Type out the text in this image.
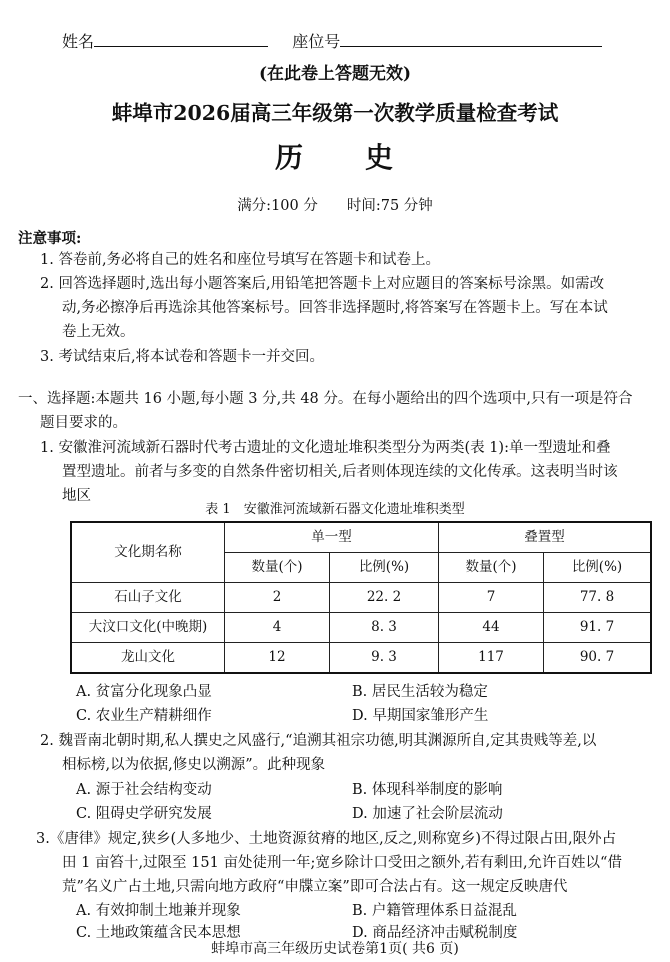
姓名	座位号
(在此卷上答题无效)
蚌埠市2026届高三年级第一次教学质量检查考试
历　　史
满分:100 分　　时间:75 分钟
注意事项:
1. 答卷前,务必将自己的姓名和座位号填写在答题卡和试卷上。
2. 回答选择题时,选出每小题答案后,用铅笔把答题卡上对应题目的答案标号涂黑。如需改
动,务必擦净后再选涂其他答案标号。回答非选择题时,将答案写在答题卡上。写在本试
卷上无效。
3. 考试结束后,将本试卷和答题卡一并交回。
一、选择题:本题共 16 小题,每小题 3 分,共 48 分。在每小题给出的四个选项中,只有一项是符合
题目要求的。
1. 安徽淮河流域新石器时代考古遗址的文化遗址堆积类型分为两类(表 1):单一型遗址和叠
置型遗址。前者与多变的自然条件密切相关,后者则体现连续的文化传承。这表明当时该
地区
表 1　安徽淮河流域新石器文化遗址堆积类型
文化期名称	单一型		叠置型	
	数量(个)	比例(%)	数量(个)	比例(%)
石山子文化	2	22. 2	7	77. 8
大汶口文化(中晚期)	4	8. 3	44	91. 7
龙山文化	12	9. 3	117	90. 7
A. 贫富分化现象凸显	B. 居民生活较为稳定
C. 农业生产精耕细作	D. 早期国家雏形产生
2. 魏晋南北朝时期,私人撰史之风盛行,“追溯其祖宗功德,明其渊源所自,定其贵贱等差,以
相标榜,以为依据,修史以溯源”。此种现象
A. 源于社会结构变动	B. 体现科举制度的影响
C. 阻碍史学研究发展	D. 加速了社会阶层流动
3.《唐律》规定,狭乡(人多地少、土地资源贫瘠的地区,反之,则称宽乡)不得过限占田,限外占
田 1 亩笞十,过限至 151 亩处徒刑一年;宽乡除计口受田之额外,若有剩田,允许百姓以“借
荒”名义广占土地,只需向地方政府“申牒立案”即可合法占有。这一规定反映唐代
A. 有效抑制土地兼并现象	B. 户籍管理体系日益混乱
C. 土地政策蕴含民本思想	D. 商品经济冲击赋税制度
蚌埠市高三年级历史试卷第1页( 共6 页)
